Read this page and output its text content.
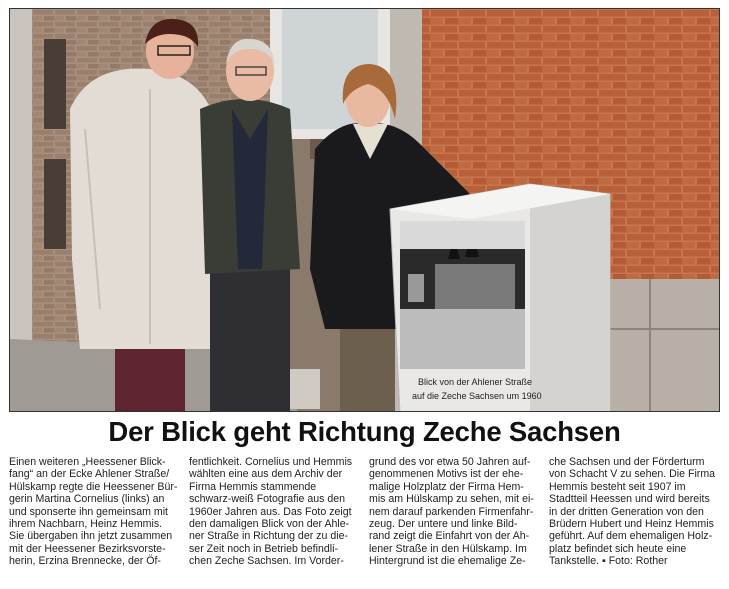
Blick von der Ahlener Straße
auf die Zeche Sachsen um 1960
Der Blick geht Richtung Zeche Sachsen

Einen weiteren „Heessener Blick-
fang“ an der Ecke Ahlener Straße/
Hülskamp regte die Heessener Bür-
gerin Martina Cornelius (links) an
und sponserte ihn gemeinsam mit
ihrem Nachbarn, Heinz Hemmis.
Sie übergaben ihn jetzt zusammen
mit der Heessener Bezirksvorste-
herin, Erzina Brennecke, der Öf-

fentlichkeit. Cornelius und Hemmis
wählten eine aus dem Archiv der
Firma Hemmis stammende
schwarz-weiß Fotografie aus den
1960er Jahren aus. Das Foto zeigt
den damaligen Blick von der Ahle-
ner Straße in Richtung der zu die-
ser Zeit noch in Betrieb befindli-
chen Zeche Sachsen. Im Vorder-

grund des vor etwa 50 Jahren auf-
genommenen Motivs ist der ehe-
malige Holzplatz der Firma Hem-
mis am Hülskamp zu sehen, mit ei-
nem darauf parkenden Firmenfahr-
zeug. Der untere und linke Bild-
rand zeigt die Einfahrt von der Ah-
lener Straße in den Hülskamp. Im
Hintergrund ist die ehemalige Ze-

che Sachsen und der Förderturm
von Schacht V zu sehen. Die Firma
Hemmis besteht seit 1907 im
Stadtteil Heessen und wird bereits
in der dritten Generation von den
Brüdern Hubert und Heinz Hemmis
geführt. Auf dem ehemaligen Holz-
platz befindet sich heute eine
Tankstelle. ▪ Foto: Rother
